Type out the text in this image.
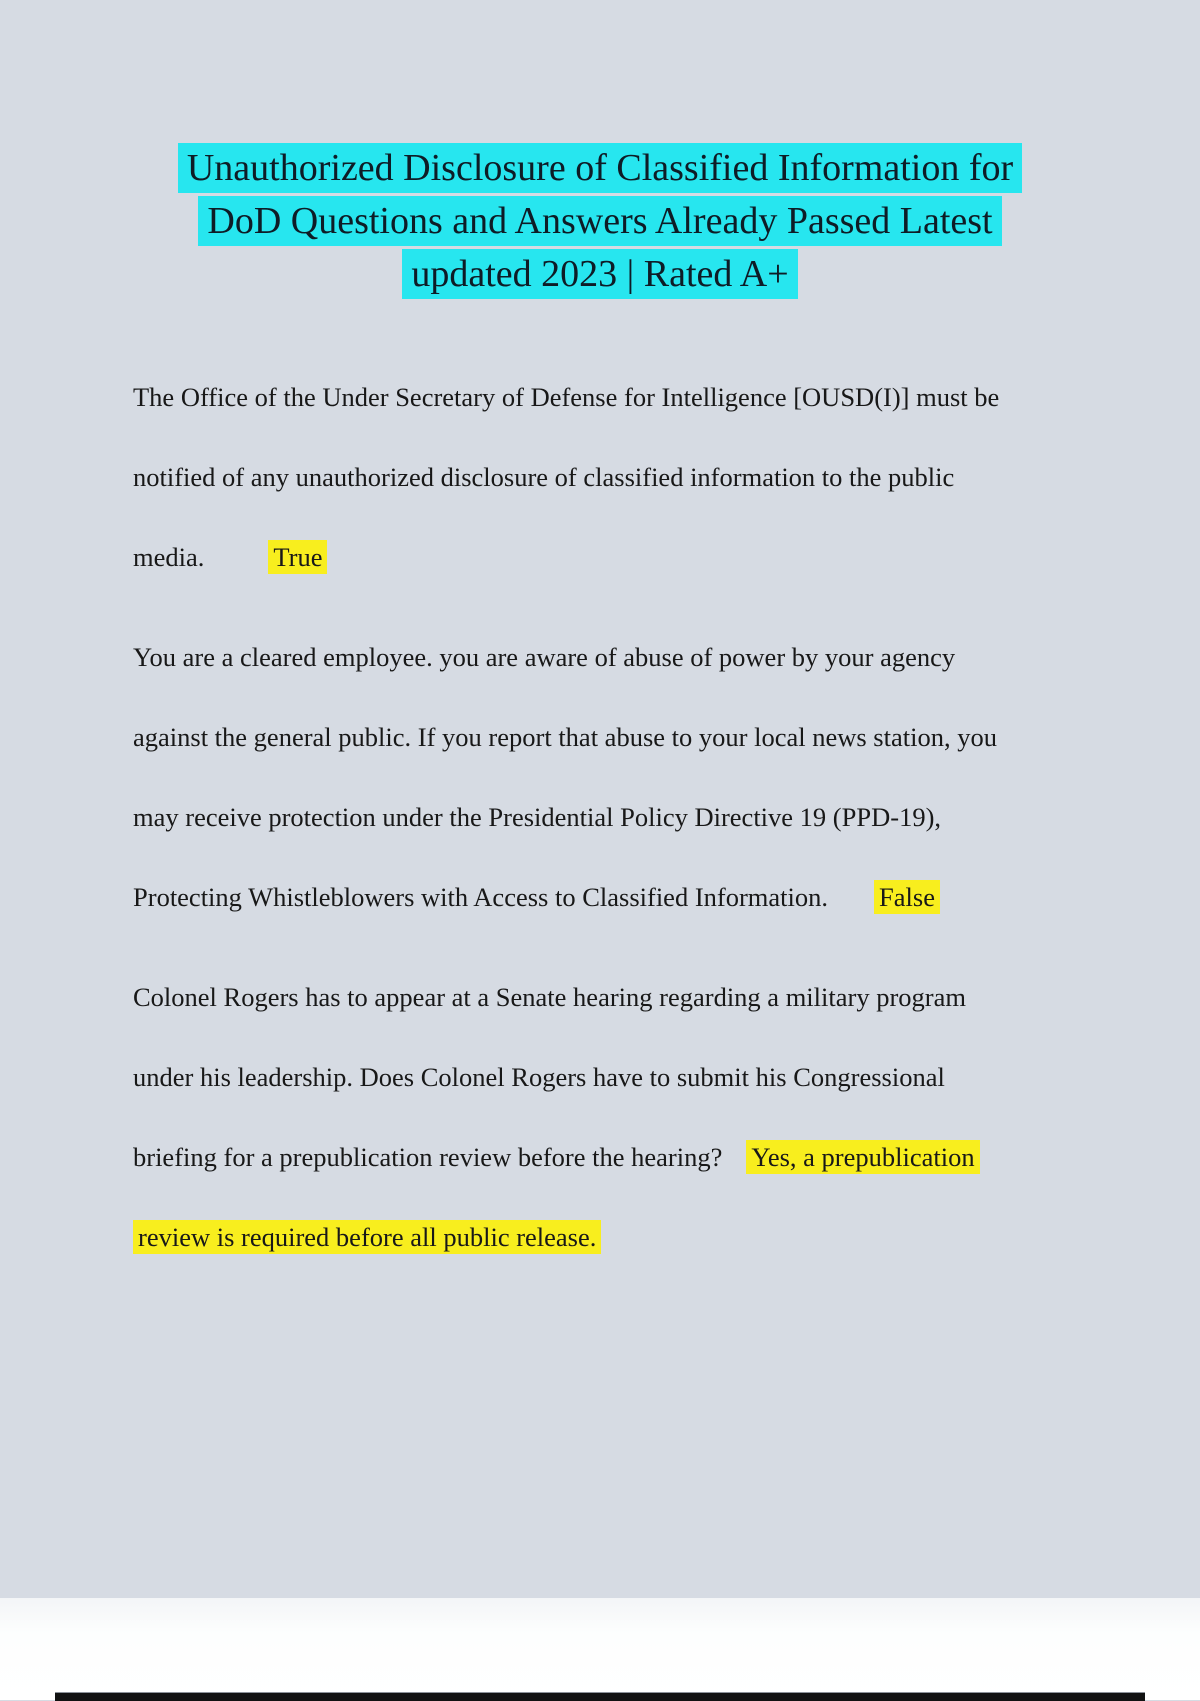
Unauthorized Disclosure of Classified Information for DoD Questions and Answers Already Passed Latest updated 2023 | Rated A+

The Office of the Under Secretary of Defense for Intelligence [OUSD(I)] must be
notified of any unauthorized disclosure of classified information to the public
media.	True

You are a cleared employee. you are aware of abuse of power by your agency
against the general public. If you report that abuse to your local news station, you
may receive protection under the Presidential Policy Directive 19 (PPD-19),
Protecting Whistleblowers with Access to Classified Information. False

Colonel Rogers has to appear at a Senate hearing regarding a military program
under his leadership. Does Colonel Rogers have to submit his Congressional
briefing for a prepublication review before the hearing? Yes, a prepublication
review is required before all public release.
